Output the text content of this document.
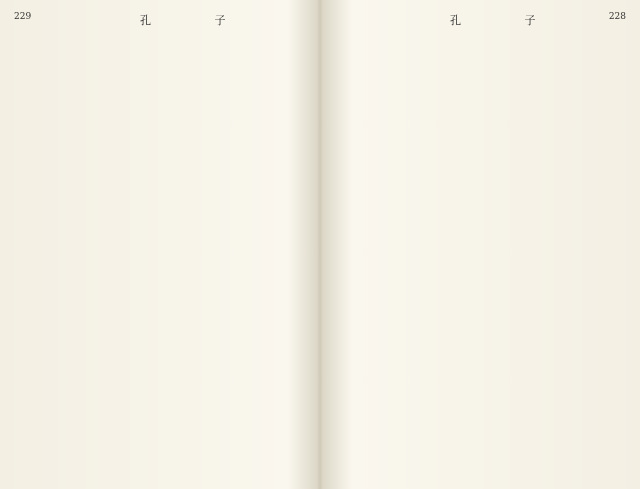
229	孔 子	228
孔 子
